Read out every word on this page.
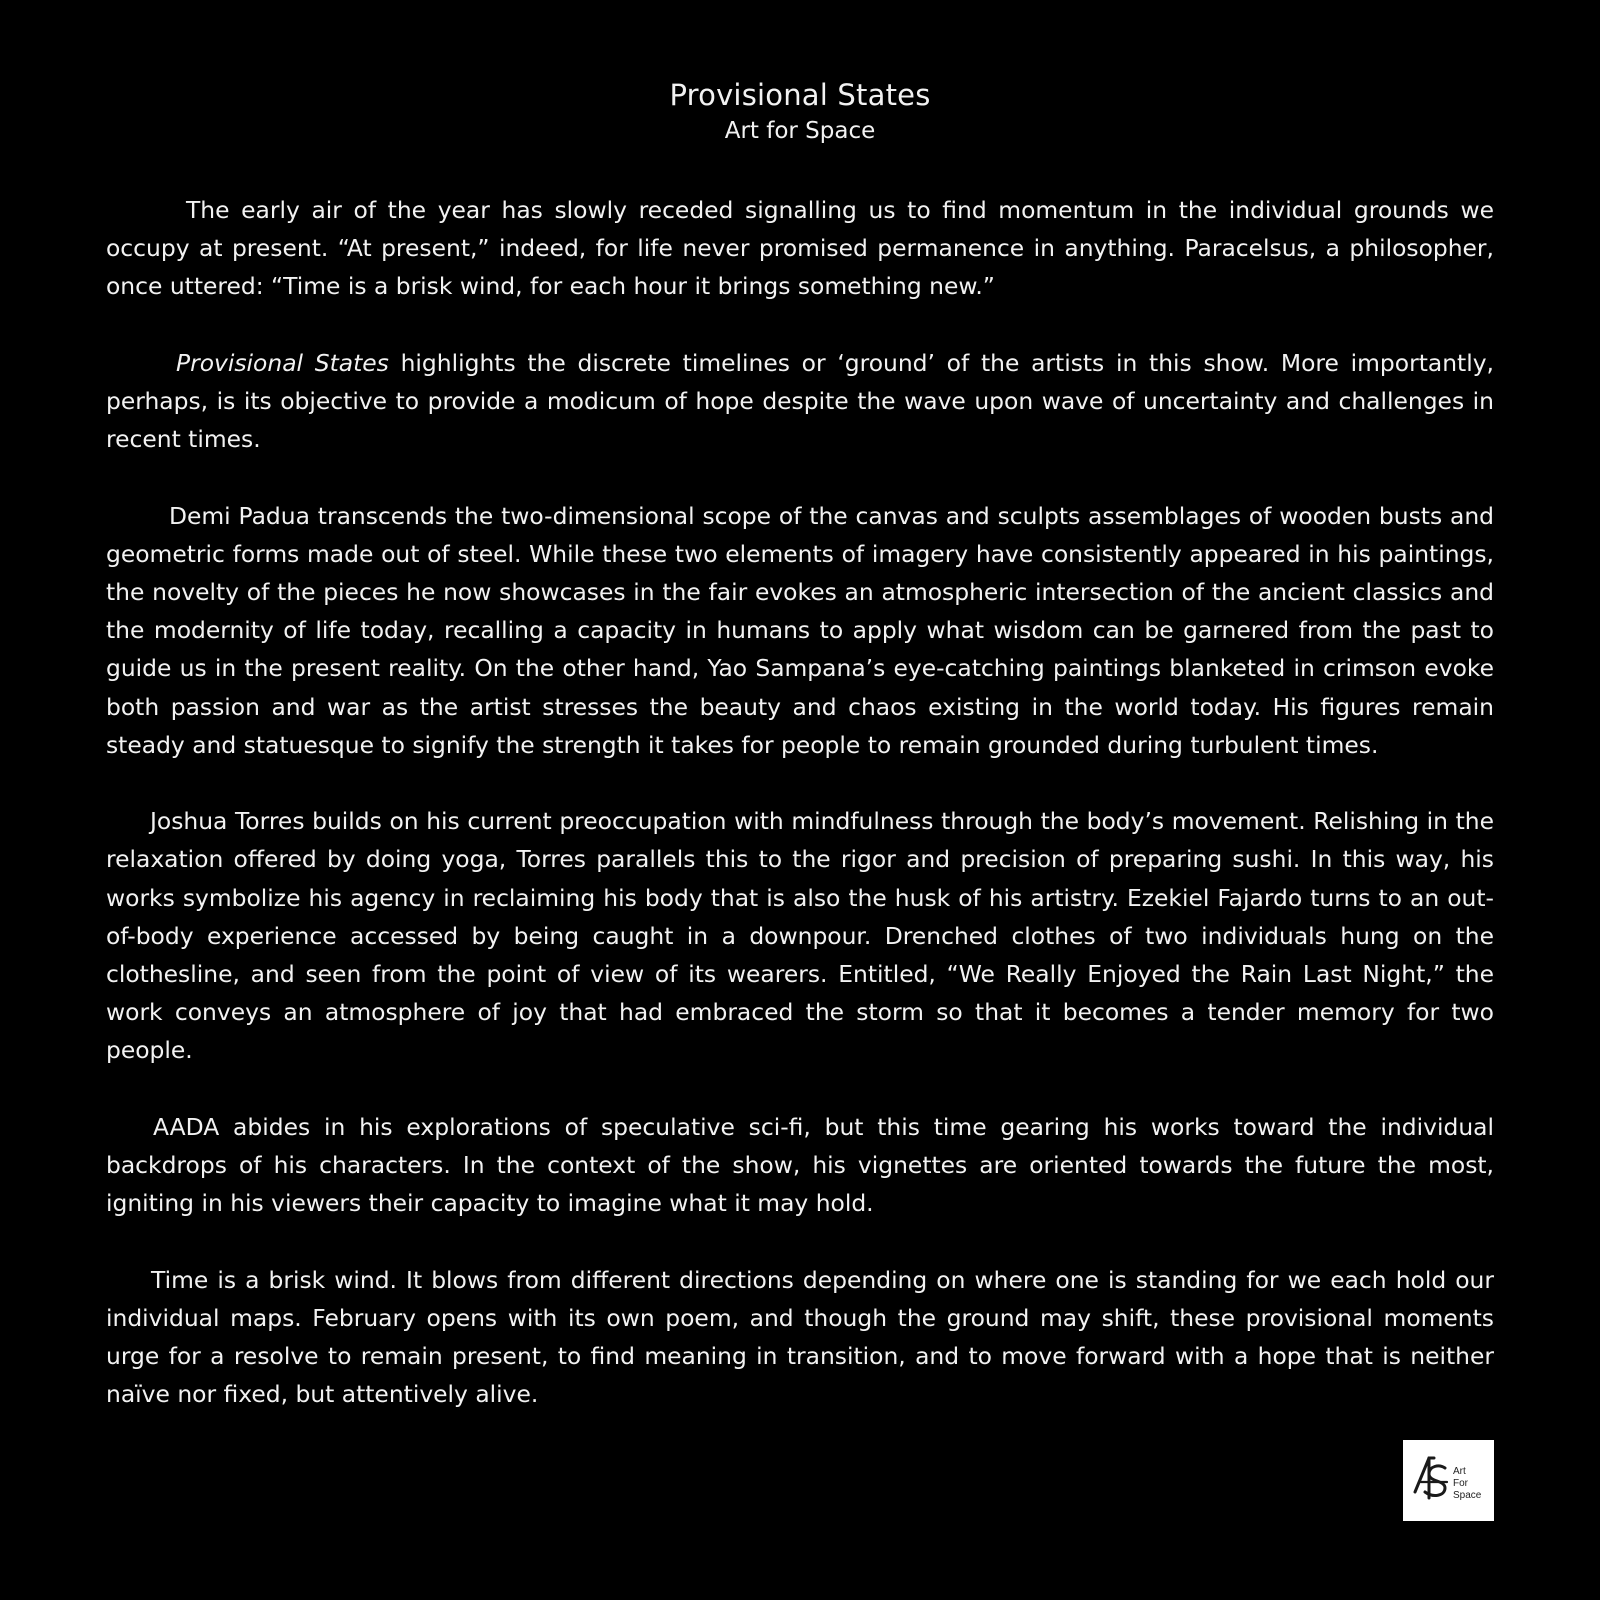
Provisional States
Art for Space

The early air of the year has slowly receded signalling us to find momentum in the individual grounds we occupy at present. “At present,” indeed, for life never promised permanence in anything. Paracelsus, a philosopher, once uttered: “Time is a brisk wind, for each hour it brings something new.”

Provisional States highlights the discrete timelines or ‘ground’ of the artists in this show. More importantly, perhaps, is its objective to provide a modicum of hope despite the wave upon wave of uncertainty and challenges in recent times.

Demi Padua transcends the two-dimensional scope of the canvas and sculpts assemblages of wooden busts and geometric forms made out of steel. While these two elements of imagery have consistently appeared in his paintings, the novelty of the pieces he now showcases in the fair evokes an atmospheric intersection of the ancient classics and the modernity of life today, recalling a capacity in humans to apply what wisdom can be garnered from the past to guide us in the present reality. On the other hand, Yao Sampana’s eye-catching paintings blanketed in crimson evoke both passion and war as the artist stresses the beauty and chaos existing in the world today. His figures remain steady and statuesque to signify the strength it takes for people to remain grounded during turbulent times.

Joshua Torres builds on his current preoccupation with mindfulness through the body’s movement. Relishing in the relaxation offered by doing yoga, Torres parallels this to the rigor and precision of preparing sushi. In this way, his works symbolize his agency in reclaiming his body that is also the husk of his artistry. Ezekiel Fajardo turns to an out-of-body experience accessed by being caught in a downpour. Drenched clothes of two individuals hung on the clothesline, and seen from the point of view of its wearers. Entitled, “We Really Enjoyed the Rain Last Night,” the work conveys an atmosphere of joy that had embraced the storm so that it becomes a tender memory for two people.

AADA abides in his explorations of speculative sci-fi, but this time gearing his works toward the individual backdrops of his characters. In the context of the show, his vignettes are oriented towards the future the most, igniting in his viewers their capacity to imagine what it may hold.

Time is a brisk wind. It blows from different directions depending on where one is standing for we each hold our individual maps. February opens with its own poem, and though the ground may shift, these provisional moments urge for a resolve to remain present, to find meaning in transition, and to move forward with a hope that is neither naïve nor fixed, but attentively alive.

Art
For
Space
